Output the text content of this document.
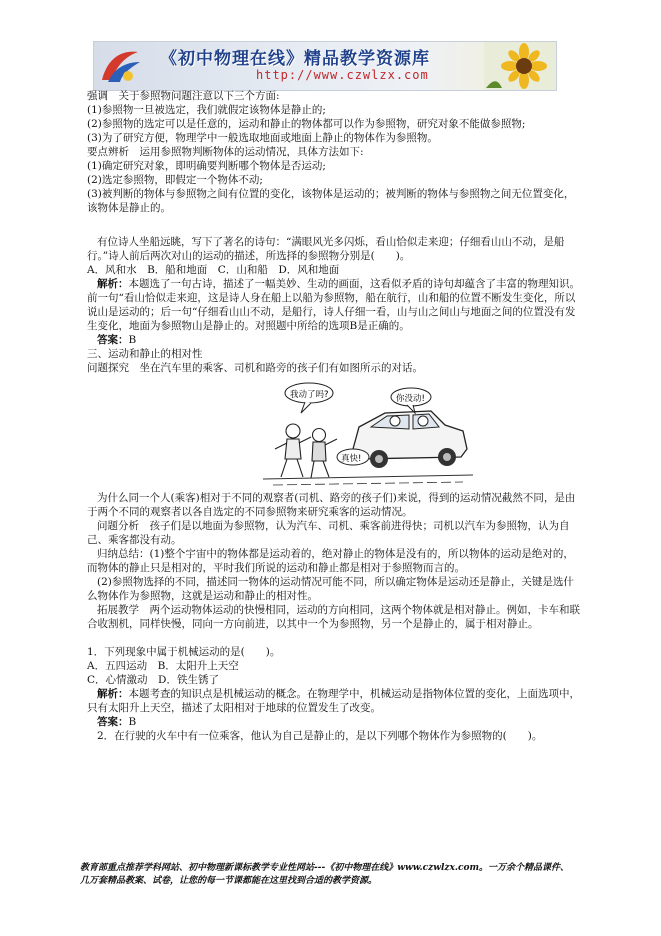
《初中物理在线》精品教学资源库
http://www.czwlzx.com

强调　关于参照物问题注意以下三个方面:

(1)参照物一旦被选定，我们就假定该物体是静止的;

(2)参照物的选定可以是任意的，运动和静止的物体都可以作为参照物，研究对象不能做参照物;

(3)为了研究方便，物理学中一般选取地面或地面上静止的物体作为参照物。

要点辨析　运用参照物判断物体的运动情况，具体方法如下:

(1)确定研究对象，即明确要判断哪个物体是否运动;

(2)选定参照物，即假定一个物体不动;

(3)被判断的物体与参照物之间有位置的变化，该物体是运动的；被判断的物体与参照物之间无位置变化，该物体是静止的。

有位诗人坐船远眺，写下了著名的诗句：“满眼风光多闪烁，看山恰似走来迎；仔细看山山不动，是船行。”诗人前后两次对山的运动的描述，所选择的参照物分别是(　　)。

A．风和水　B．船和地面　C．山和船　D．风和地面

解析：本题选了一句古诗，描述了一幅美妙、生动的画面，这看似矛盾的诗句却蕴含了丰富的物理知识。前一句“看山恰似走来迎，这是诗人身在船上以船为参照物，船在航行，山和船的位置不断发生变化，所以说山是运动的；后一句“仔细看山山不动，是船行，诗人仔细一看，山与山之间山与地面之间的位置没有发生变化，地面为参照物山是静止的。对照题中所给的选项B是正确的。

答案：B

三、运动和静止的相对性

问题探究　坐在汽车里的乘客、司机和路旁的孩子们有如图所示的对话。

我动了吗?	你没动!
真快!

为什么同一个人(乘客)相对于不同的观察者(司机、路旁的孩子们)来说，得到的运动情况截然不同，是由于两个不同的观察者以各自选定的不同参照物来研究乘客的运动情况。

问题分析　孩子们是以地面为参照物，认为汽车、司机、乘客前进得快；司机以汽车为参照物，认为自己、乘客都没有动。

归纳总结：(1)整个宇宙中的物体都是运动着的，绝对静止的物体是没有的，所以物体的运动是绝对的，而物体的静止只是相对的，平时我们所说的运动和静止都是相对于参照物而言的。

(2)参照物选择的不同，描述同一物体的运动情况可能不同，所以确定物体是运动还是静止，关键是选什么物体作为参照物，这就是运动和静止的相对性。

拓展教学　两个运动物体运动的快慢相同，运动的方向相同，这两个物体就是相对静止。例如，卡车和联合收割机，同样快慢，同向一方向前进，以其中一个为参照物，另一个是静止的，属于相对静止。

1．下列现象中属于机械运动的是(　　)。

A．五四运动　B．太阳升上天空

C．心情激动　D．铁生锈了

解析：本题考查的知识点是机械运动的概念。在物理学中，机械运动是指物体位置的变化，上面选项中，只有太阳升上天空，描述了太阳相对于地球的位置发生了改变。

答案：B

2．在行驶的火车中有一位乘客，他认为自己是静止的，是以下列哪个物体作为参照物的(　　)。

教育部重点推荐学科网站、初中物理新课标教学专业性网站---《初中物理在线》www.czwlzx.com。一万余个精品课件、
几万套精品教案、试卷，让您的每一节课都能在这里找到合适的教学资源。
